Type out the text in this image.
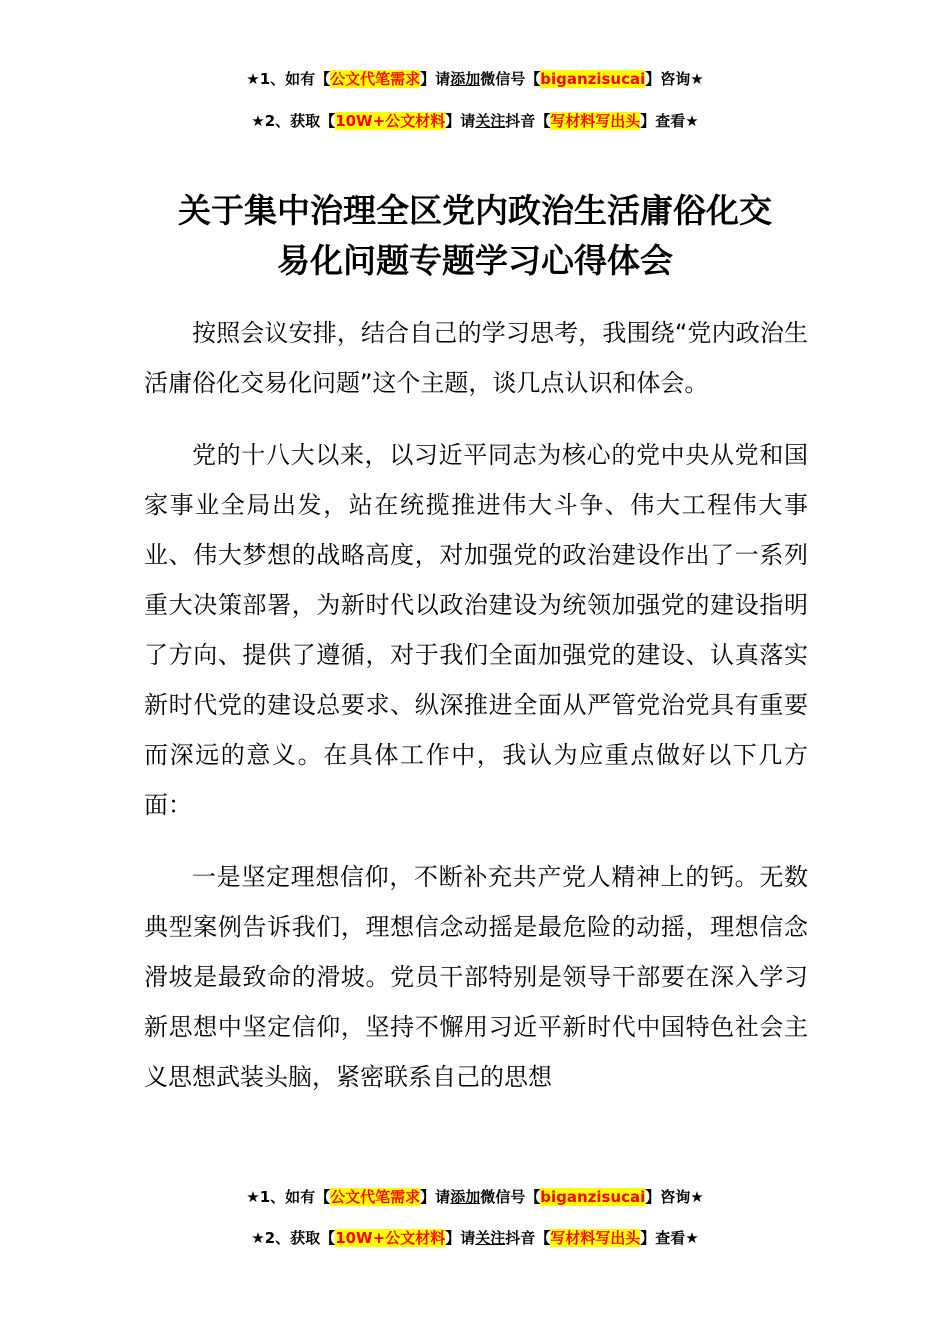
★1、如有【公文代笔需求】请添加微信号【biganzisucai】咨询★
★2、获取【10W+公文材料】请关注抖音【写材料写出头】查看★
关于集中治理全区党内政治生活庸俗化交
易化问题专题学习心得体会

按照会议安排，结合自己的学习思考，我围绕“党内政治生活庸俗化交易化问题”这个主题，谈几点认识和体会。

党的十八大以来，以习近平同志为核心的党中央从党和国家事业全局出发，站在统揽推进伟大斗争、伟大工程伟大事业、伟大梦想的战略高度，对加强党的政治建设作出了一系列重大决策部署，为新时代以政治建设为统领加强党的建设指明了方向、提供了遵循，对于我们全面加强党的建设、认真落实新时代党的建设总要求、纵深推进全面从严管党治党具有重要而深远的意义。在具体工作中，我认为应重点做好以下几方面：

一是坚定理想信仰，不断补充共产党人精神上的钙。无数典型案例告诉我们，理想信念动摇是最危险的动摇，理想信念滑坡是最致命的滑坡。党员干部特别是领导干部要在深入学习新思想中坚定信仰，坚持不懈用习近平新时代中国特色社会主义思想武装头脑，紧密联系自己的思想

★1、如有【公文代笔需求】请添加微信号【biganzisucai】咨询★
★2、获取【10W+公文材料】请关注抖音【写材料写出头】查看★
